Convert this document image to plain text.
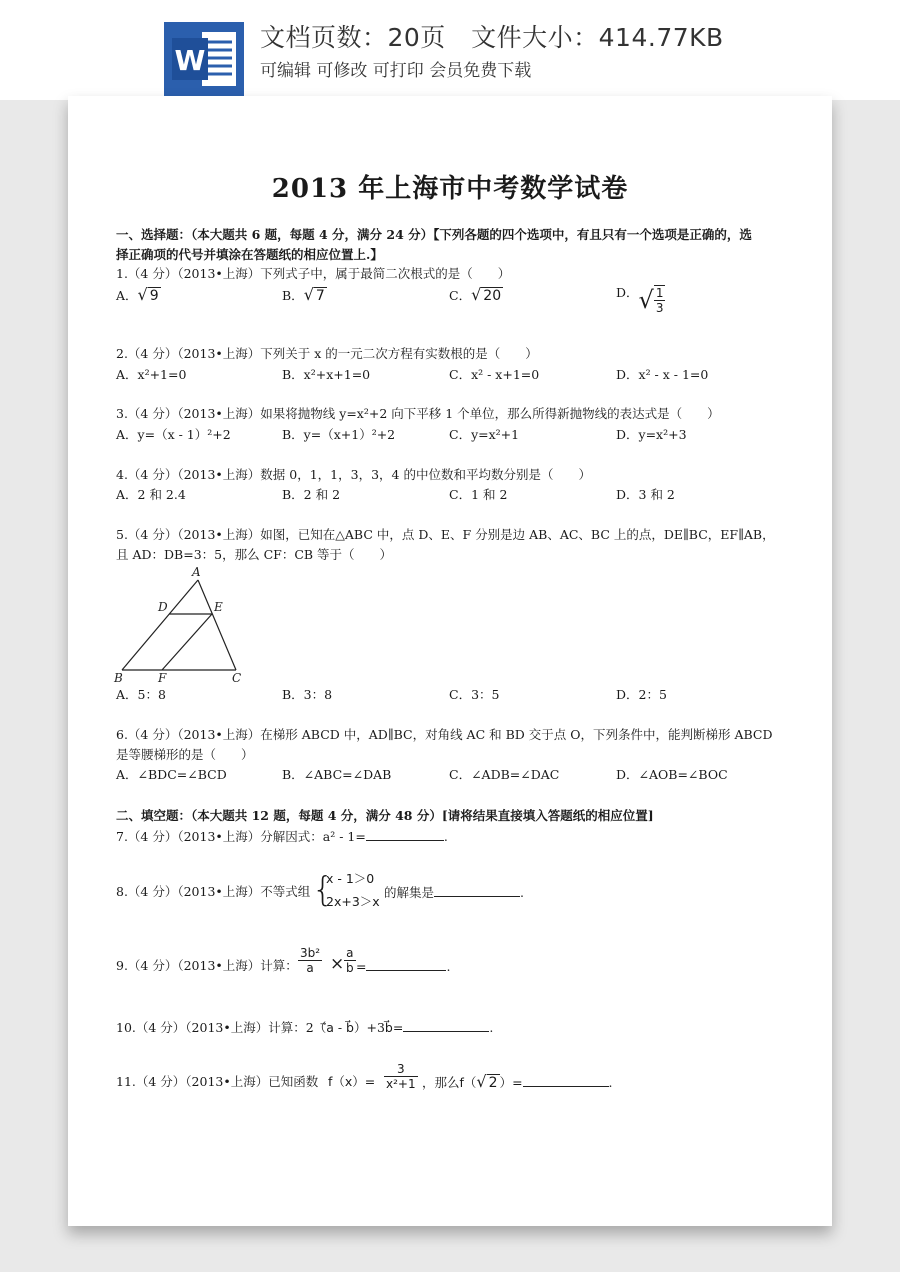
W
文档页数：20页   文件大小：414.77KB
可编辑 可修改 可打印 会员免费下载
2013 年上海市中考数学试卷
一、选择题：（本大题共 6 题，每题 4 分，满分 24 分）【下列各题的四个选项中，有且只有一个选项是正确的，选
择正确项的代号并填涂在答题纸的相应位置上.】
1.（4 分）（2013•上海）下列式子中，属于最简二次根式的是（　　）
A．√ 9	B．√ 7	C．√ 20	D．√ $\frac{1}{3}$
2.（4 分）（2013•上海）下列关于 x 的一元二次方程有实数根的是（　　）
A．x²+1=0	B．x²+x+1=0	C．x² - x+1=0	D．x² - x - 1=0
3.（4 分）（2013•上海）如果将抛物线 y=x²+2 向下平移 1 个单位，那么所得新抛物线的表达式是（　　）
A．y=（x - 1）²+2	B．y=（x+1）²+2	C．y=x²+1	D．y=x²+3
4.（4 分）（2013•上海）数据 0，1，1，3，3，4 的中位数和平均数分别是（　　）
A．2 和 2.4	B．2 和 2	C．1 和 2	D．3 和 2
5.（4 分）（2013•上海）如图，已知在△ABC 中，点 D、E、F 分别是边 AB、AC、BC 上的点，DE∥BC，EF∥AB，
且 AD：DB=3：5，那么 CF：CB 等于（　　）
A
D	E
B	F	C
A．5：8	B．3：8	C．3：5	D．2：5
6.（4 分）（2013•上海）在梯形 ABCD 中，AD∥BC，对角线 AC 和 BD 交于点 O，下列条件中，能判断梯形 ABCD
是等腰梯形的是（　　）
A．∠BDC=∠BCD	B．∠ABC=∠DAB	C．∠ADB=∠DAC	D．∠AOB=∠BOC
二、填空题：（本大题共 12 题，每题 4 分，满分 48 分）[请将结果直接填入答题纸的相应位置]
7.（4 分）（2013•上海）分解因式：a² - 1=	.
8.（4 分）（2013•上海）不等式组 {
x - 1＞0
2x+3＞x
的解集是	.
9.（4 分）（2013•上海）计算： $\frac{\text{3b²}}{a} \times \frac{a}{b}$ =	.
10.（4 分）（2013•上海）计算：2（a - b）+3b=	.
11.（4 分）（2013•上海）已知函数 $f(x)= \frac{3}{\text{x²+1}}$ ，那么f（√ 2 ）=	.
